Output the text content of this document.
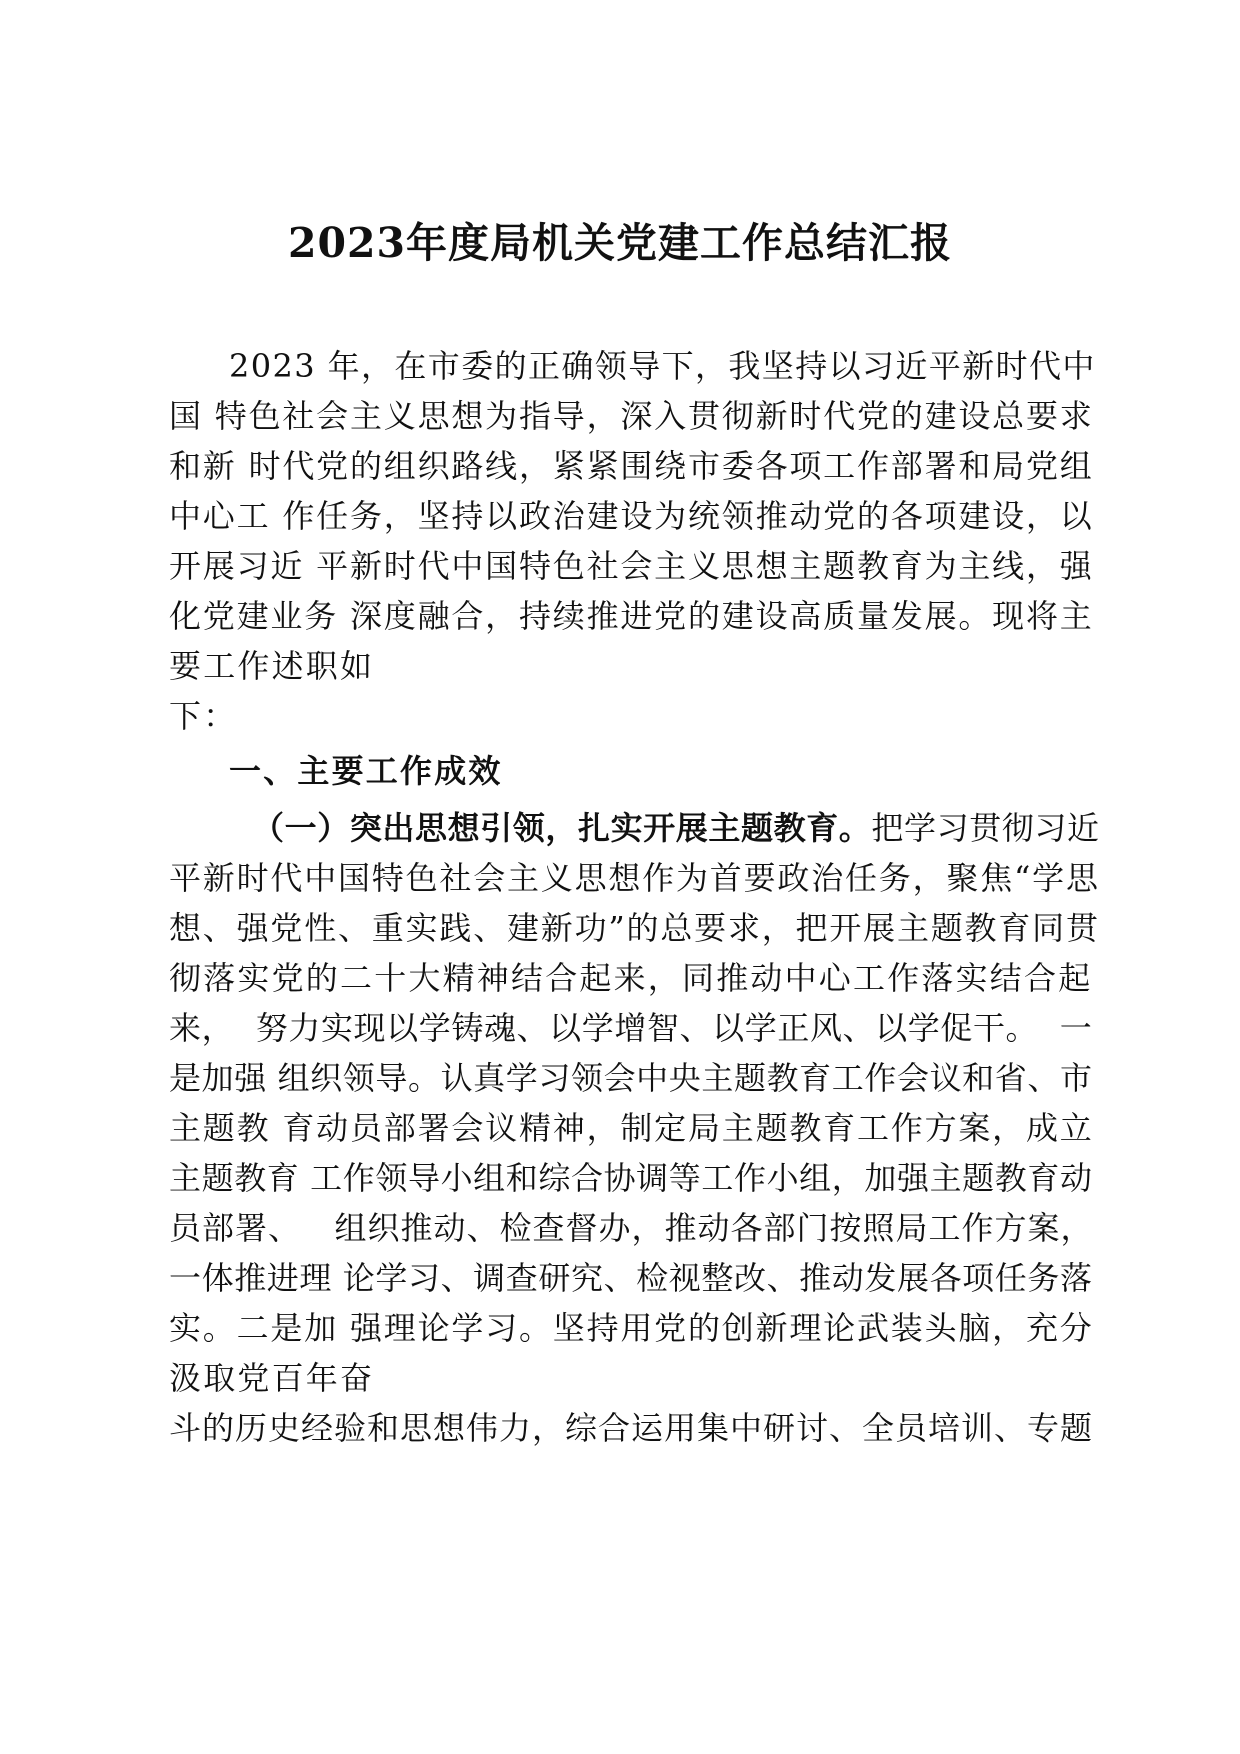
2023年度局机关党建工作总结汇报
2023 年，在市委的正确领导下，我坚持以习近平新时代中
国 特色社会主义思想为指导，深入贯彻新时代党的建设总要求
和新 时代党的组织路线，紧紧围绕市委各项工作部署和局党组
中心工 作任务，坚持以政治建设为统领推动党的各项建设，以
开展习近 平新时代中国特色社会主义思想主题教育为主线，强
化党建业务 深度融合，持续推进党的建设高质量发展。现将主
要工作述职如
下：
一、主要工作成效
（一）突出思想引领，扎实开展主题教育。把学习贯彻习近
平新时代中国特色社会主义思想作为首要政治任务，聚焦“学思
想、强党性、重实践、建新功”的总要求，把开展主题教育同贯
彻落实党的二十大精神结合起来，同推动中心工作落实结合起
来，  努力实现以学铸魂、以学增智、以学正风、以学促干。  一
是加强 组织领导。认真学习领会中央主题教育工作会议和省、市
主题教 育动员部署会议精神，制定局主题教育工作方案，成立
主题教育 工作领导小组和综合协调等工作小组，加强主题教育动
员部署、   组织推动、检查督办，推动各部门按照局工作方案，
一体推进理 论学习、调查研究、检视整改、推动发展各项任务落
实。二是加 强理论学习。坚持用党的创新理论武装头脑，充分
汲取党百年奋
斗的历史经验和思想伟力，综合运用集中研讨、全员培训、专题
